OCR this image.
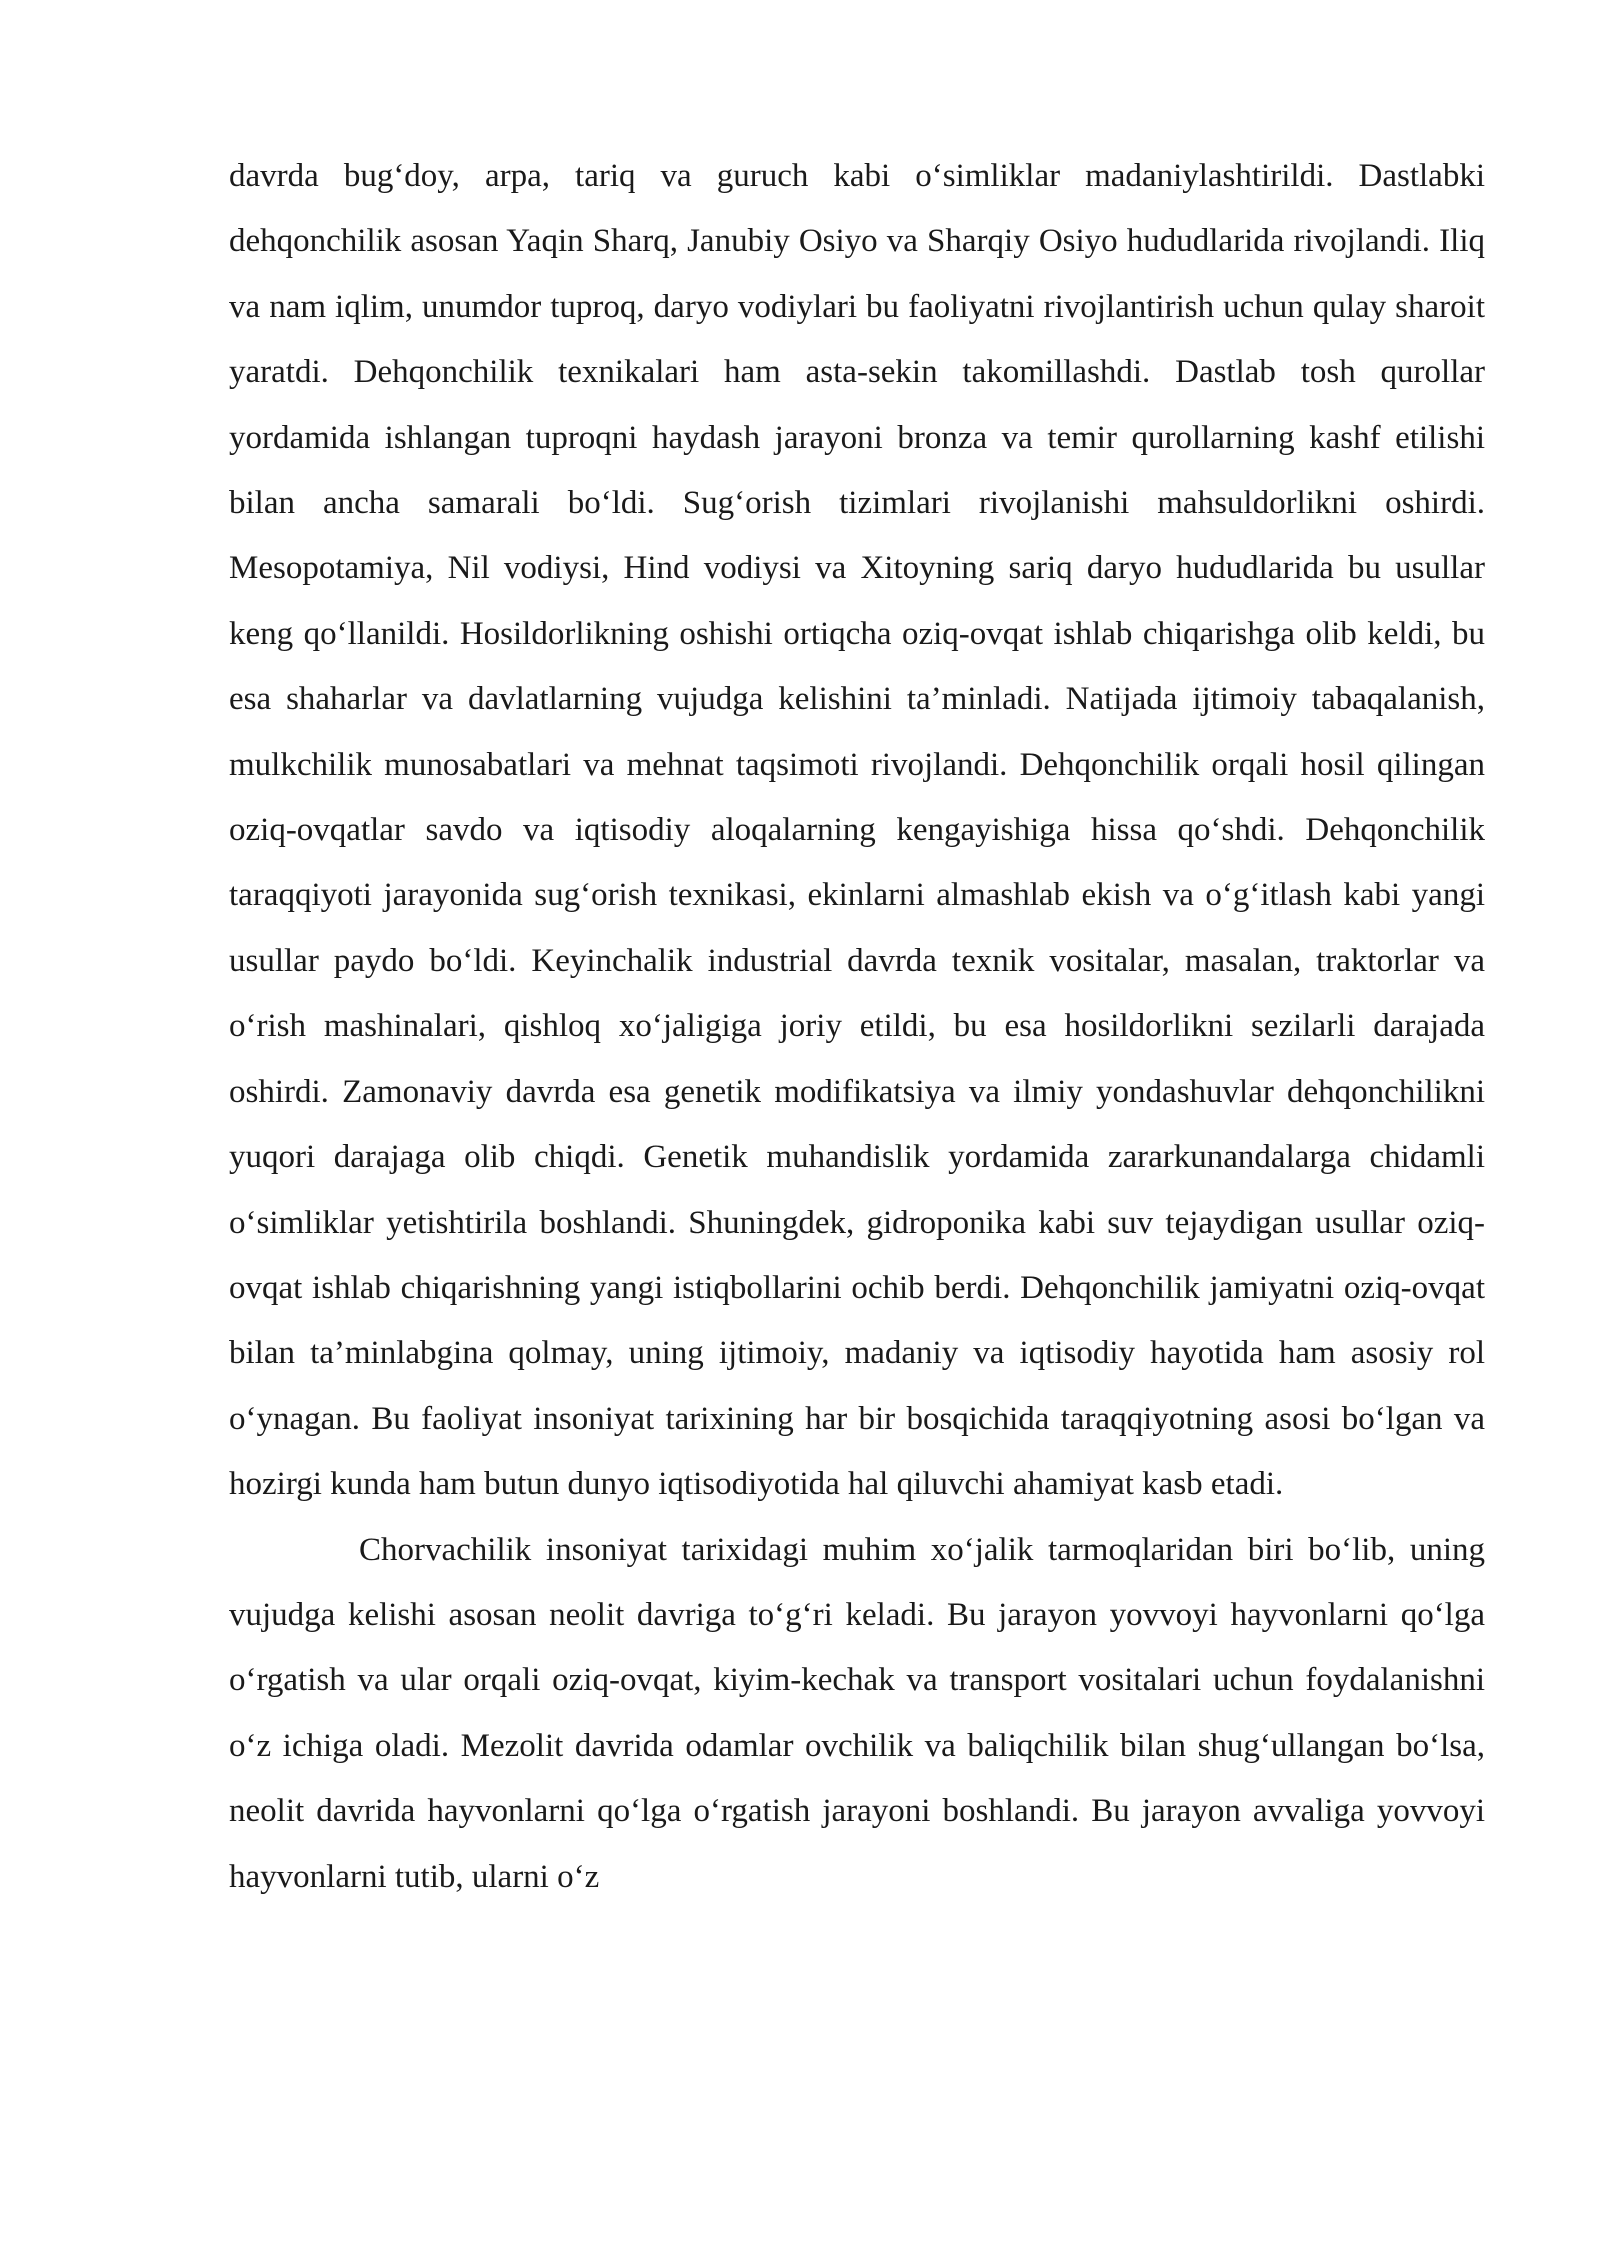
davrda bug‘doy, arpa, tariq va guruch kabi o‘simliklar madaniylashtirildi. Dastlabki dehqonchilik asosan Yaqin Sharq, Janubiy Osiyo va Sharqiy Osiyo hududlarida rivojlandi. Iliq va nam iqlim, unumdor tuproq, daryo vodiylari bu faoliyatni rivojlantirish uchun qulay sharoit yaratdi. Dehqonchilik texnikalari ham asta-sekin takomillashdi. Dastlab tosh qurollar yordamida ishlangan tuproqni haydash jarayoni bronza va temir qurollarning kashf etilishi bilan ancha samarali bo‘ldi. Sug‘orish tizimlari rivojlanishi mahsuldorlikni oshirdi. Mesopotamiya, Nil vodiysi, Hind vodiysi va Xitoyning sariq daryo hududlarida bu usullar keng qo‘llanildi. Hosildorlikning oshishi ortiqcha oziq-ovqat ishlab chiqarishga olib keldi, bu esa shaharlar va davlatlarning vujudga kelishini ta’minladi. Natijada ijtimoiy tabaqalanish, mulkchilik munosabatlari va mehnat taqsimoti rivojlandi. Dehqonchilik orqali hosil qilingan oziq-ovqatlar savdo va iqtisodiy aloqalarning kengayishiga hissa qo‘shdi. Dehqonchilik taraqqiyoti jarayonida sug‘orish texnikasi, ekinlarni almashlab ekish va o‘g‘itlash kabi yangi usullar paydo bo‘ldi. Keyinchalik industrial davrda texnik vositalar, masalan, traktorlar va o‘rish mashinalari, qishloq xo‘jaligiga joriy etildi, bu esa hosildorlikni sezilarli darajada oshirdi. Zamonaviy davrda esa genetik modifikatsiya va ilmiy yondashuvlar dehqonchilikni yuqori darajaga olib chiqdi. Genetik muhandislik yordamida zararkunandalarga chidamli o‘simliklar yetishtirila boshlandi. Shuningdek, gidroponika kabi suv tejaydigan usullar oziq-ovqat ishlab chiqarishning yangi istiqbollarini ochib berdi. Dehqonchilik jamiyatni oziq-ovqat bilan ta’minlabgina qolmay, uning ijtimoiy, madaniy va iqtisodiy hayotida ham asosiy rol o‘ynagan. Bu faoliyat insoniyat tarixining har bir bosqichida taraqqiyotning asosi bo‘lgan va hozirgi kunda ham butun dunyo iqtisodiyotida hal qiluvchi ahamiyat kasb etadi.

Chorvachilik insoniyat tarixidagi muhim xo‘jalik tarmoqlaridan biri bo‘lib, uning vujudga kelishi asosan neolit davriga to‘g‘ri keladi. Bu jarayon yovvoyi hayvonlarni qo‘lga o‘rgatish va ular orqali oziq-ovqat, kiyim-kechak va transport vositalari uchun foydalanishni o‘z ichiga oladi. Mezolit davrida odamlar ovchilik va baliqchilik bilan shug‘ullangan bo‘lsa, neolit davrida hayvonlarni qo‘lga o‘rgatish jarayoni boshlandi. Bu jarayon avvaliga yovvoyi hayvonlarni tutib, ularni o‘z
